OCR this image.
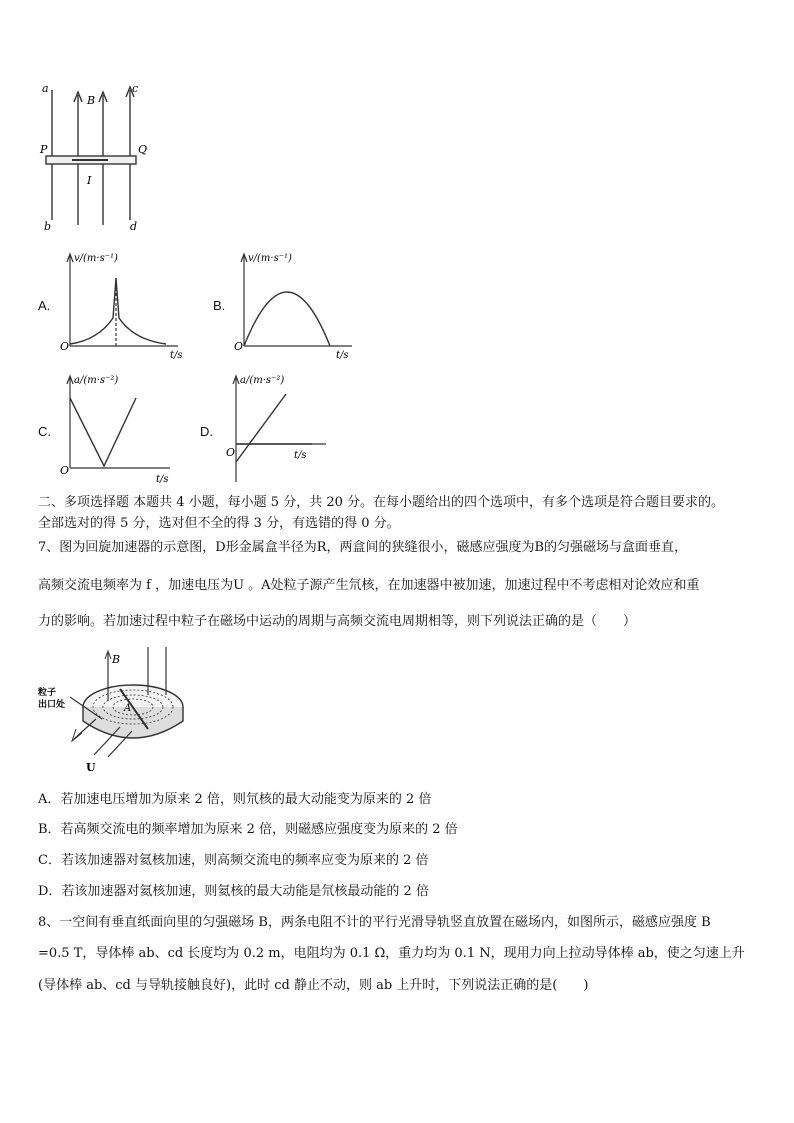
a
P
b
B
I
c
Q
d
A.
O
v/(m·s⁻¹)
t/s
B.
O
v/(m·s⁻¹)
t/s
C.
O
a/(m·s⁻²)
t/s
D.
O
a/(m·s⁻²)
t/s
二、多项选择题 本题共 4 小题，每小题 5 分，共 20 分。在每小题给出的四个选项中，有多个选项是符合题目要求的。
全部选对的得 5 分，选对但不全的得 3 分，有选错的得 0 分。
7、图为回旋加速器的示意图，D形金属盒半径为R，两盒间的狭缝很小，磁感应强度为B的匀强磁场与盒面垂直，
高频交流电频率为 f ，加速电压为U 。A处粒子源产生氘核，在加速器中被加速，加速过程中不考虑相对论效应和重
力的影响。若加速过程中粒子在磁场中运动的周期与高频交流电周期相等，则下列说法正确的是（　　）
B
A
粒子
出口处
U
A．若加速电压增加为原来 2 倍，则氘核的最大动能变为原来的 2 倍
B．若高频交流电的频率增加为原来 2 倍，则磁感应强度变为原来的 2 倍
C．若该加速器对氦核加速，则高频交流电的频率应变为原来的 2 倍
D．若该加速器对氦核加速，则氦核的最大动能是氘核最动能的 2 倍
8、一空间有垂直纸面向里的匀强磁场 B，两条电阻不计的平行光滑导轨竖直放置在磁场内，如图所示，磁感应强度 B
=0.5 T，导体棒 ab、cd 长度均为 0.2 m，电阻均为 0.1 Ω，重力均为 0.1 N，现用力向上拉动导体棒 ab，使之匀速上升
(导体棒 ab、cd 与导轨接触良好)，此时 cd 静止不动，则 ab 上升时，下列说法正确的是(　　)
